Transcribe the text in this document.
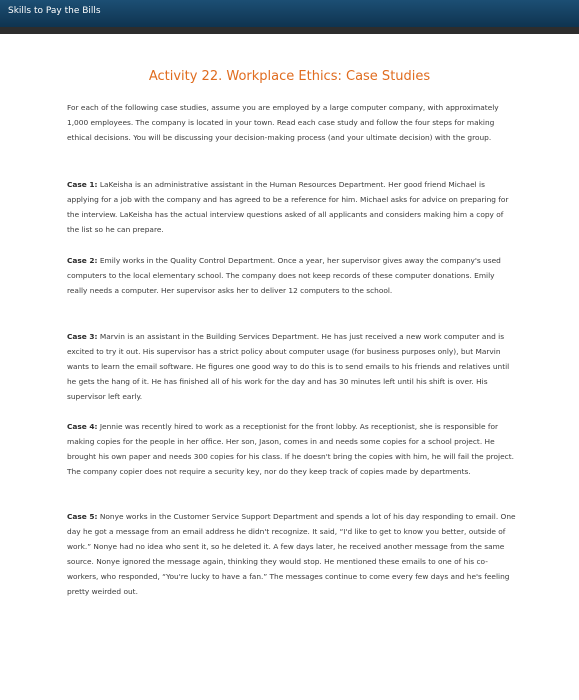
Skills to Pay the Bills
Activity 22. Workplace Ethics: Case Studies

For each of the following case studies, assume you are employed by a large computer company, with approximately 1,000 employees. The company is located in your town. Read each case study and follow the four steps for making ethical decisions. You will be discussing your decision-making process (and your ultimate decision) with the group.

Case 1: LaKeisha is an administrative assistant in the Human Resources Department. Her good friend Michael is applying for a job with the company and has agreed to be a reference for him. Michael asks for advice on preparing for the interview. LaKeisha has the actual interview questions asked of all applicants and considers making him a copy of the list so he can prepare.

Case 2: Emily works in the Quality Control Department. Once a year, her supervisor gives away the company's used computers to the local elementary school. The company does not keep records of these computer donations. Emily really needs a computer. Her supervisor asks her to deliver 12 computers to the school.

Case 3: Marvin is an assistant in the Building Services Department. He has just received a new work computer and is excited to try it out. His supervisor has a strict policy about computer usage (for business purposes only), but Marvin wants to learn the email software. He figures one good way to do this is to send emails to his friends and relatives until he gets the hang of it. He has finished all of his work for the day and has 30 minutes left until his shift is over. His supervisor left early.

Case 4: Jennie was recently hired to work as a receptionist for the front lobby. As receptionist, she is responsible for making copies for the people in her office. Her son, Jason, comes in and needs some copies for a school project. He brought his own paper and needs 300 copies for his class. If he doesn't bring the copies with him, he will fail the project. The company copier does not require a security key, nor do they keep track of copies made by departments.

Case 5: Nonye works in the Customer Service Support Department and spends a lot of his day responding to email. One day he got a message from an email address he didn't recognize. It said, “I'd like to get to know you better, outside of work.” Nonye had no idea who sent it, so he deleted it. A few days later, he received another message from the same source. Nonye ignored the message again, thinking they would stop. He mentioned these emails to one of his co-workers, who responded, “You're lucky to have a fan.” The messages continue to come every few days and he's feeling pretty weirded out.
